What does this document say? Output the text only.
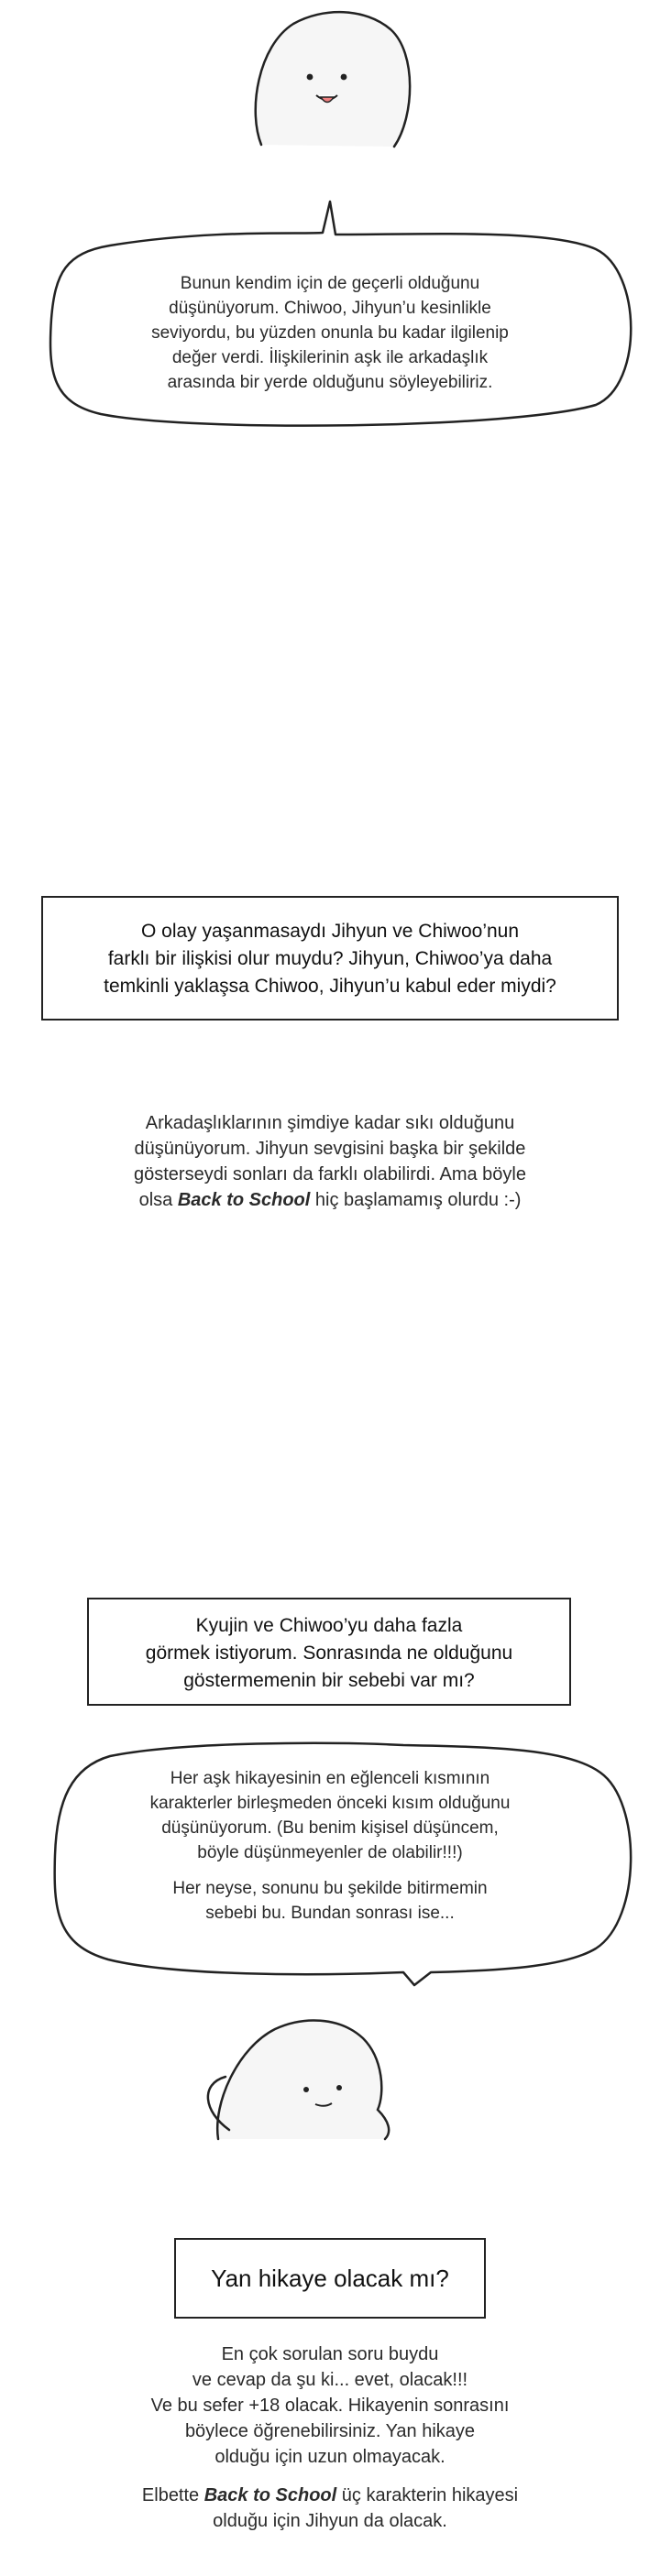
Bunun kendim için de geçerli olduğunu
düşünüyorum. Chiwoo, Jihyun’u kesinlikle
seviyordu, bu yüzden onunla bu kadar ilgilenip
değer verdi. İlişkilerinin aşk ile arkadaşlık
arasında bir yerde olduğunu söyleyebiliriz.
O olay yaşanmasaydı Jihyun ve Chiwoo’nun
farklı bir ilişkisi olur muydu? Jihyun, Chiwoo’ya daha
temkinli yaklaşsa Chiwoo, Jihyun’u kabul eder miydi?
Arkadaşlıklarının şimdiye kadar sıkı olduğunu
düşünüyorum. Jihyun sevgisini başka bir şekilde
gösterseydi sonları da farklı olabilirdi. Ama böyle
olsa Back to School hiç başlamamış olurdu :-)
Kyujin ve Chiwoo’yu daha fazla
görmek istiyorum. Sonrasında ne olduğunu
göstermemenin bir sebebi var mı?
Her aşk hikayesinin en eğlenceli kısmının
karakterler birleşmeden önceki kısım olduğunu
düşünüyorum. (Bu benim kişisel düşüncem,
böyle düşünmeyenler de olabilir!!!)
Her neyse, sonunu bu şekilde bitirmemin
sebebi bu. Bundan sonrası ise...
Yan hikaye olacak mı?
En çok sorulan soru buydu
ve cevap da şu ki... evet, olacak!!!
Ve bu sefer +18 olacak. Hikayenin sonrasını
böylece öğrenebilirsiniz. Yan hikaye
olduğu için uzun olmayacak.
Elbette Back to School üç karakterin hikayesi
olduğu için Jihyun da olacak.
